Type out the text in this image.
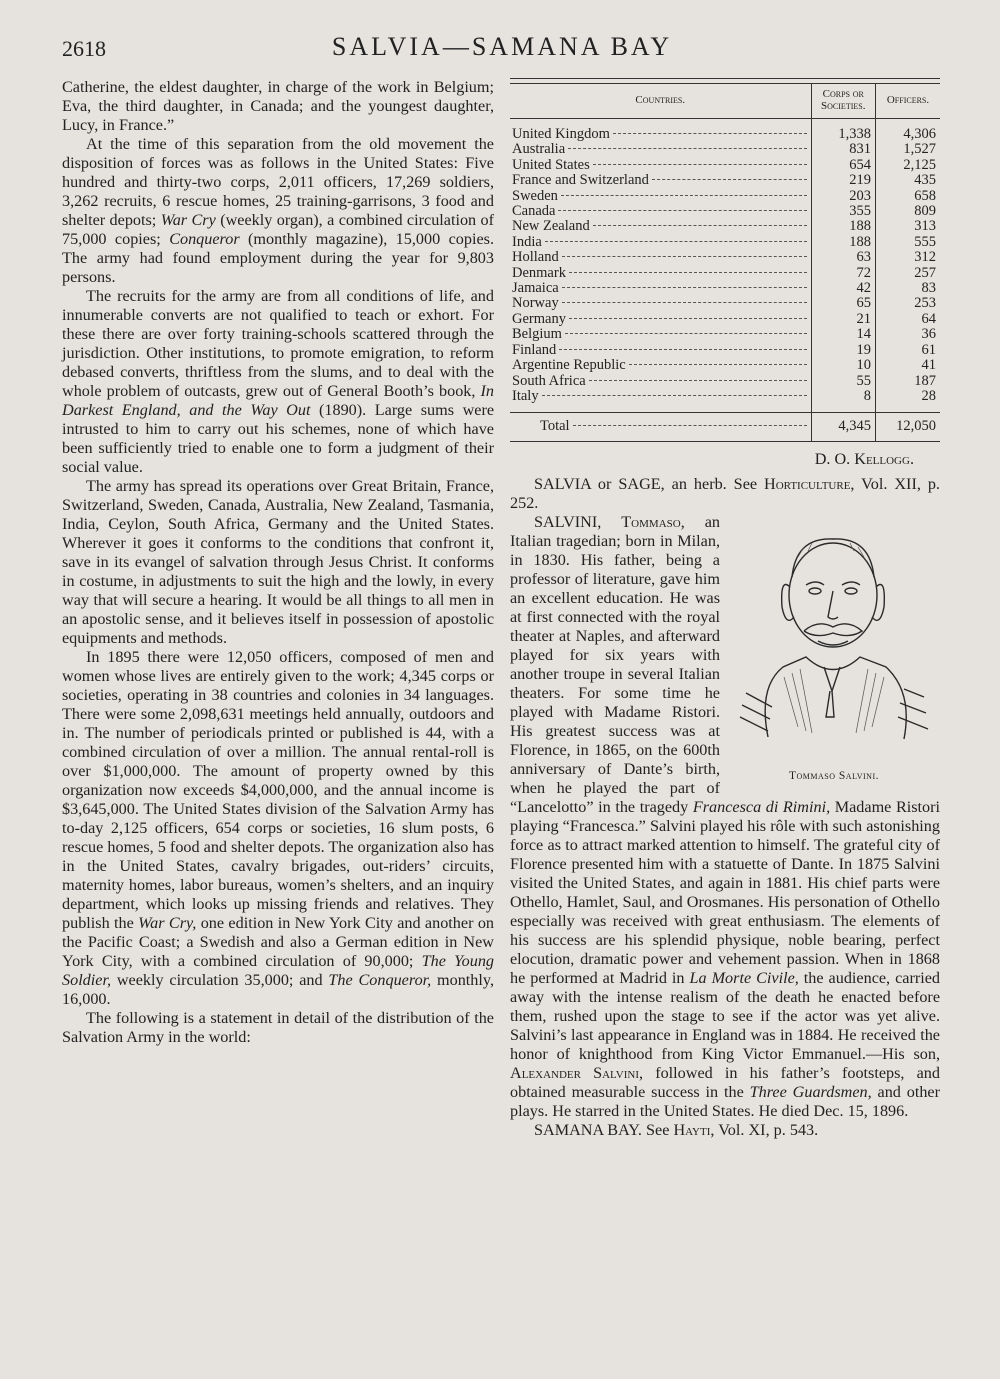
2618	SALVIA—SAMANA BAY

Catherine, the eldest daughter, in charge of the work in Belgium; Eva, the third daughter, in Canada; and the youngest daughter, Lucy, in France.”

At the time of this separation from the old movement the disposition of forces was as follows in the United States: Five hundred and thirty-two corps, 2,011 officers, 17,269 soldiers, 3,262 recruits, 6 rescue homes, 25 training-garrisons, 3 food and shelter depots; War Cry (weekly organ), a combined circulation of 75,000 copies; Conqueror (monthly magazine), 15,000 copies. The army had found employment during the year for 9,803 persons.

The recruits for the army are from all conditions of life, and innumerable converts are not qualified to teach or exhort. For these there are over forty training-schools scattered through the jurisdiction. Other institutions, to promote emigration, to reform debased converts, thriftless from the slums, and to deal with the whole problem of outcasts, grew out of General Booth’s book, In Darkest England, and the Way Out (1890). Large sums were intrusted to him to carry out his schemes, none of which have been sufficiently tried to enable one to form a judgment of their social value.

The army has spread its operations over Great Britain, France, Switzerland, Sweden, Canada, Australia, New Zealand, Tasmania, India, Ceylon, South Africa, Germany and the United States. Wherever it goes it conforms to the conditions that confront it, save in its evangel of salvation through Jesus Christ. It conforms in costume, in adjustments to suit the high and the lowly, in every way that will secure a hearing. It would be all things to all men in an apostolic sense, and it believes itself in possession of apostolic equipments and methods.

In 1895 there were 12,050 officers, composed of men and women whose lives are entirely given to the work; 4,345 corps or societies, operating in 38 countries and colonies in 34 languages. There were some 2,098,631 meetings held annually, outdoors and in. The number of periodicals printed or published is 44, with a combined circulation of over a million. The annual rental-roll is over $1,000,000. The amount of property owned by this organization now exceeds $4,000,000, and the annual income is $3,645,000. The United States division of the Salvation Army has to-day 2,125 officers, 654 corps or societies, 16 slum posts, 6 rescue homes, 5 food and shelter depots. The organization also has in the United States, cavalry brigades, out-riders’ circuits, maternity homes, labor bureaus, women’s shelters, and an inquiry department, which looks up missing friends and relatives. They publish the War Cry, one edition in New York City and another on the Pacific Coast; a Swedish and also a German edition in New York City, with a combined circulation of 90,000; The Young Soldier, weekly circulation 35,000; and The Conqueror, monthly, 16,000.

The following is a statement in detail of the distribution of the Salvation Army in the world:

Countries.	Corps or Societies.	Officers.

United Kingdom	1,338	4,306

Australia	831	1,527

United States	654	2,125

France and Switzerland	219	435

Sweden	203	658

Canada	355	809

New Zealand	188	313

India	188	555

Holland	63	312

Denmark	72	257

Jamaica	42	83

Norway	65	253

Germany	21	64

Belgium	14	36

Finland	19	61

Argentine Republic	10	41

South Africa	55	187

Italy	8	28

Total	4,345	12,050
D. O. Kellogg.

SALVIA or SAGE, an herb. See Horticulture, Vol. XII, p. 252.

SALVINI, Tommaso,
Tommaso Salvini.
an Italian tragedian; born in Milan, in 1830. His father, being a professor of literature, gave him an excellent education. He was at first connected with the royal theater at Naples, and afterward played for six years with another troupe in several Italian theaters. For some time he played with Madame Ristori. His greatest success was at Florence, in 1865, on the 600th anniversary of Dante’s birth, when he played the part of “Lancelotto” in the tragedy Francesca di Rimini, Madame Ristori playing “Francesca.” Salvini played his rôle with such astonishing force as to attract marked attention to himself. The grateful city of Florence presented him with a statuette of Dante. In 1875 Salvini visited the United States, and again in 1881. His chief parts were Othello, Hamlet, Saul, and Orosmanes. His personation of Othello especially was received with great enthusiasm. The elements of his success are his splendid physique, noble bearing, perfect elocution, dramatic power and vehement passion. When in 1868 he performed at Madrid in La Morte Civile, the audience, carried away with the intense realism of the death he enacted before them, rushed upon the stage to see if the actor was yet alive. Salvini’s last appearance in England was in 1884. He received the honor of knighthood from King Victor Emmanuel.—His son, Alexander Salvini, followed in his father’s footsteps, and obtained measurable success in the Three Guardsmen, and other plays. He starred in the United States. He died Dec. 15, 1896.

SAMANA BAY. See Hayti, Vol. XI, p. 543.
